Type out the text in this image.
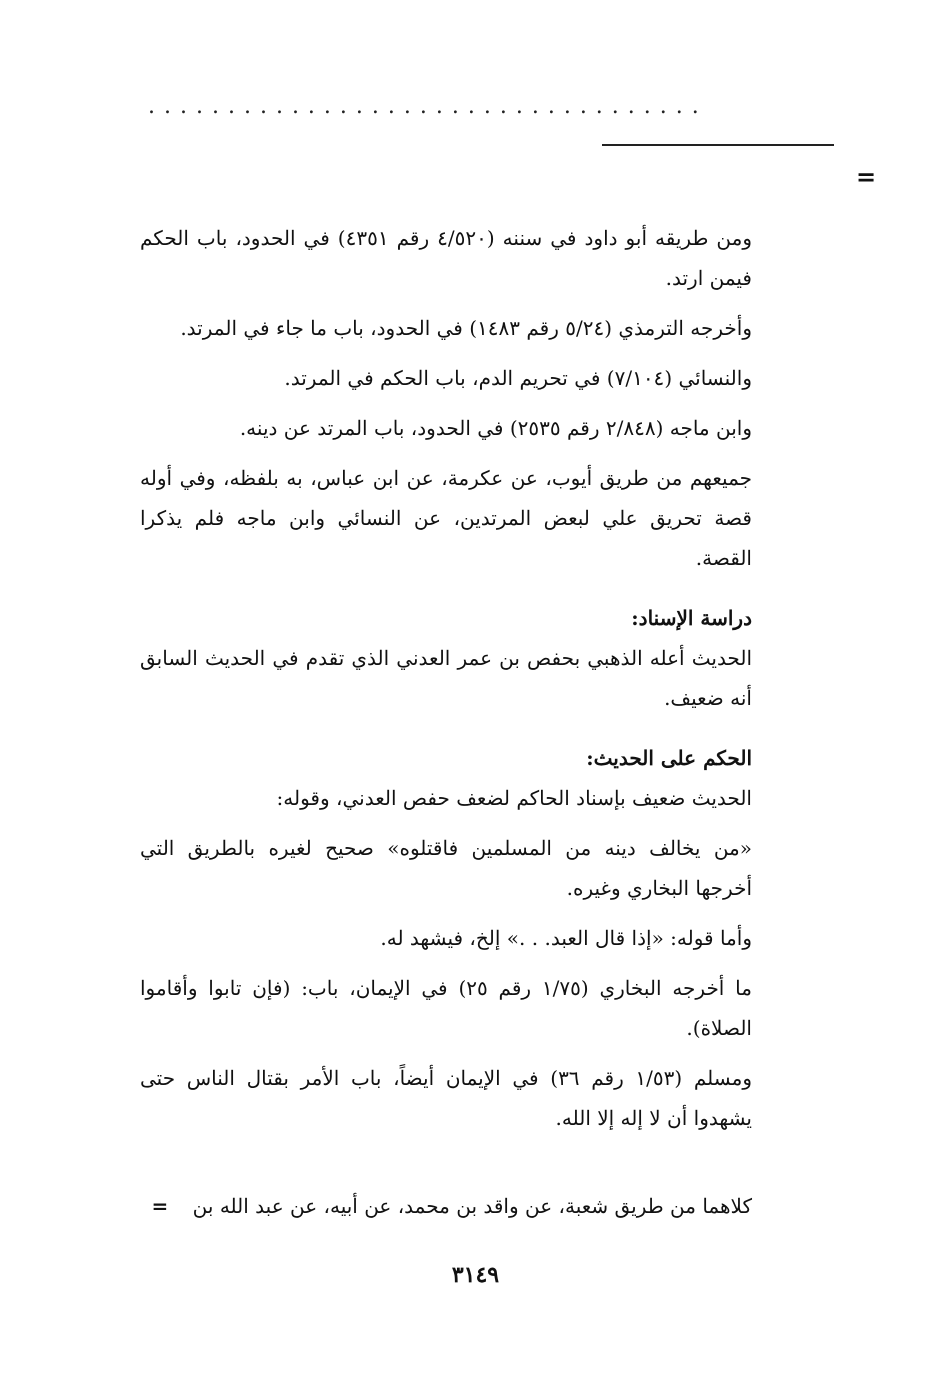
...................................
=

ومن طريقه أبو داود في سننه (٤/٥٢٠ رقم ٤٣٥١) في الحدود، باب الحكم فيمن ارتد.

وأخرجه الترمذي (٥/٢٤ رقم ١٤٨٣) في الحدود، باب ما جاء في المرتد.

والنسائي (٧/١٠٤) في تحريم الدم، باب الحكم في المرتد.

وابن ماجه (٢/٨٤٨ رقم ٢٥٣٥) في الحدود، باب المرتد عن دينه.

جميعهم من طريق أيوب، عن عكرمة، عن ابن عباس، به بلفظه، وفي أوله قصة تحريق علي لبعض المرتدين، عن النسائي وابن ماجه فلم يذكرا القصة.

دراسة الإسناد:

الحديث أعله الذهبي بحفص بن عمر العدني الذي تقدم في الحديث السابق أنه ضعيف.

الحكم على الحديث:

الحديث ضعيف بإسناد الحاكم لضعف حفص العدني، وقوله:

«من يخالف دينه من المسلمين فاقتلوه» صحيح لغيره بالطريق التي أخرجها البخاري وغيره.

وأما قوله: «إذا قال العبد. . .» إلخ، فيشهد له.

ما أخرجه البخاري (١/٧٥ رقم ٢٥) في الإيمان، باب: (فإن تابوا وأقاموا الصلاة).

ومسلم (١/٥٣ رقم ٣٦) في الإيمان أيضاً، باب الأمر بقتال الناس حتى يشهدوا أن لا إله إلا الله.

كلاهما من طريق شعبة، عن واقد بن محمد، عن أبيه، عن عبد الله بن =
٣١٤٩
